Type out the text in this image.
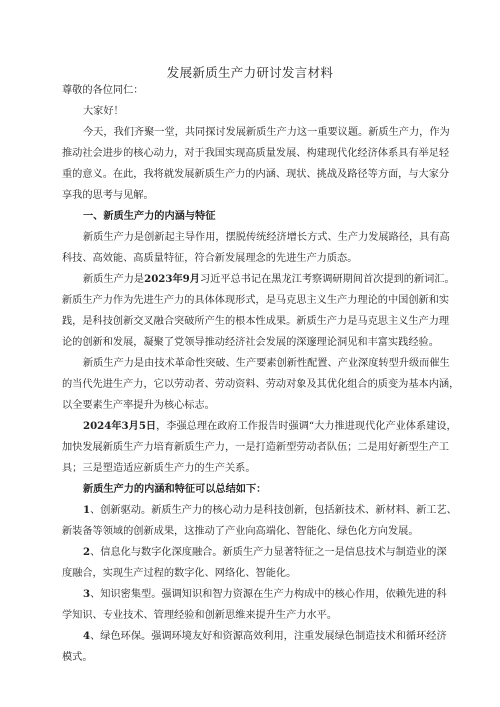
发展新质生产力研讨发言材料
尊敬的各位同仁：
大家好！
今天，我们齐聚一堂，共同探讨发展新质生产力这一重要议题。新质生产力，作为
推动社会进步的核心动力，对于我国实现高质量发展、构建现代化经济体系具有举足轻
重的意义。在此，我将就发展新质生产力的内涵、现状、挑战及路径等方面，与大家分
享我的思考与见解。
一、新质生产力的内涵与特征
新质生产力是创新起主导作用，摆脱传统经济增长方式、生产力发展路径，具有高
科技、高效能、高质量特征，符合新发展理念的先进生产力质态。
新质生产力是2023年9月习近平总书记在黑龙江考察调研期间首次提到的新词汇。
新质生产力作为先进生产力的具体体现形式，是马克思主义生产力理论的中国创新和实
践，是科技创新交叉融合突破所产生的根本性成果。新质生产力是马克思主义生产力理
论的创新和发展，凝聚了党领导推动经济社会发展的深邃理论洞见和丰富实践经验。
新质生产力是由技术革命性突破、生产要素创新性配置、产业深度转型升级而催生
的当代先进生产力，它以劳动者、劳动资料、劳动对象及其优化组合的质变为基本内涵，
以全要素生产率提升为核心标志。
2024年3月5日，李强总理在政府工作报告时强调“大力推进现代化产业体系建设，
加快发展新质生产力培育新质生产力，一是打造新型劳动者队伍；二是用好新型生产工
具；三是塑造适应新质生产力的生产关系。
新质生产力的内涵和特征可以总结如下：
1、创新驱动。新质生产力的核心动力是科技创新，包括新技术、新材料、新工艺、
新装备等领域的创新成果，这推动了产业向高端化、智能化、绿色化方向发展。
2、信息化与数字化深度融合。新质生产力显著特征之一是信息技术与制造业的深
度融合，实现生产过程的数字化、网络化、智能化。
3、知识密集型。强调知识和智力资源在生产力构成中的核心作用，依赖先进的科
学知识、专业技术、管理经验和创新思维来提升生产力水平。
4、绿色环保。强调环境友好和资源高效利用，注重发展绿色制造技术和循环经济
模式。
